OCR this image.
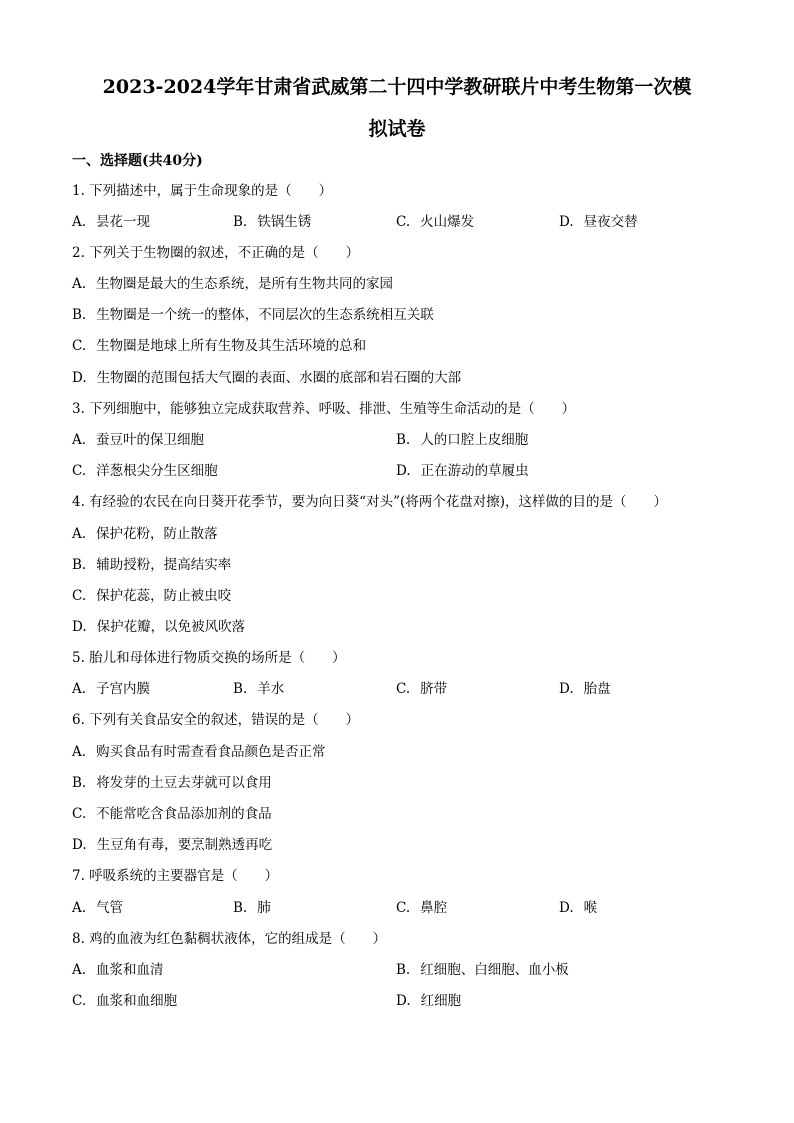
2023-2024学年甘肃省武威第二十四中学教研联片中考生物第一次模
拟试卷
一、选择题(共40分)
1. 下列描述中，属于生命现象的是（　　）
A. 昙花一现	B. 铁锅生锈	C. 火山爆发	D. 昼夜交替
2. 下列关于生物圈的叙述，不正确的是（　　）
A. 生物圈是最大的生态系统，是所有生物共同的家园
B. 生物圈是一个统一的整体，不同层次的生态系统相互关联
C. 生物圈是地球上所有生物及其生活环境的总和
D. 生物圈的范围包括大气圈的表面、水圈的底部和岩石圈的大部
3. 下列细胞中，能够独立完成获取营养、呼吸、排泄、生殖等生命活动的是（　　）
A. 蚕豆叶的保卫细胞	B. 人的口腔上皮细胞
C. 洋葱根尖分生区细胞	D. 正在游动的草履虫
4. 有经验的农民在向日葵开花季节，要为向日葵“对头”(将两个花盘对擦)，这样做的目的是（　　）
A. 保护花粉，防止散落
B. 辅助授粉，提高结实率
C. 保护花蕊，防止被虫咬
D. 保护花瓣，以免被风吹落
5. 胎儿和母体进行物质交换的场所是（　　）
A. 子宫内膜	B. 羊水	C. 脐带	D. 胎盘
6. 下列有关食品安全的叙述，错误的是（　　）
A. 购买食品有时需查看食品颜色是否正常
B. 将发芽的土豆去芽就可以食用
C. 不能常吃含食品添加剂的食品
D. 生豆角有毒，要烹制熟透再吃
7. 呼吸系统的主要器官是（　　）
A. 气管	B. 肺	C. 鼻腔	D. 喉
8. 鸡的血液为红色黏稠状液体，它的组成是（　　）
A. 血浆和血清	B. 红细胞、白细胞、血小板
C. 血浆和血细胞	D. 红细胞
